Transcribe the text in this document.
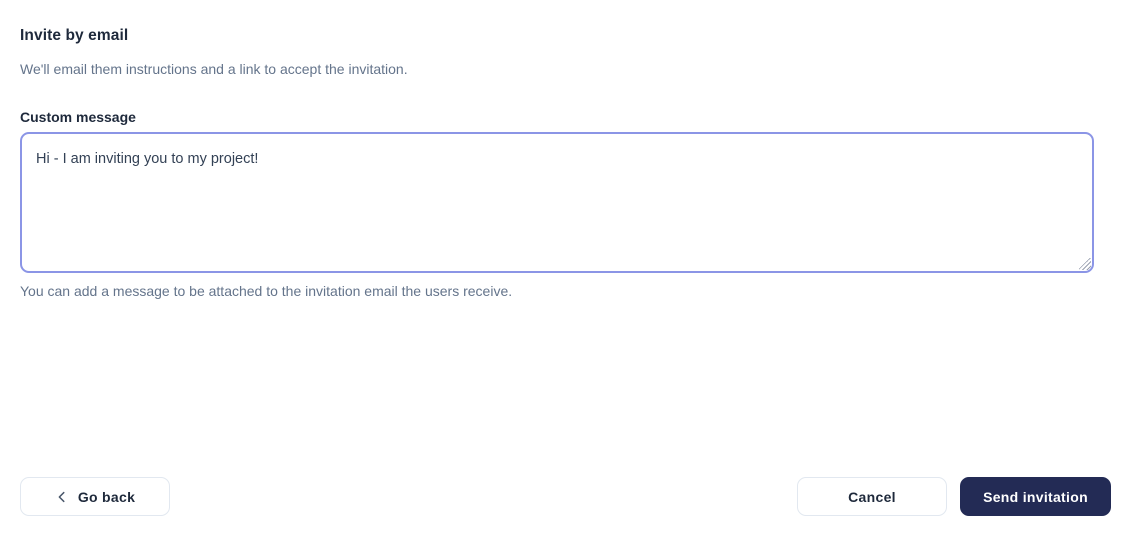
Invite by email

We'll email them instructions and a link to accept the invitation.

Custom message
Hi - I am inviting you to my project!

You can add a message to be attached to the invitation email the users receive.

Go back	Cancel	Send invitation
